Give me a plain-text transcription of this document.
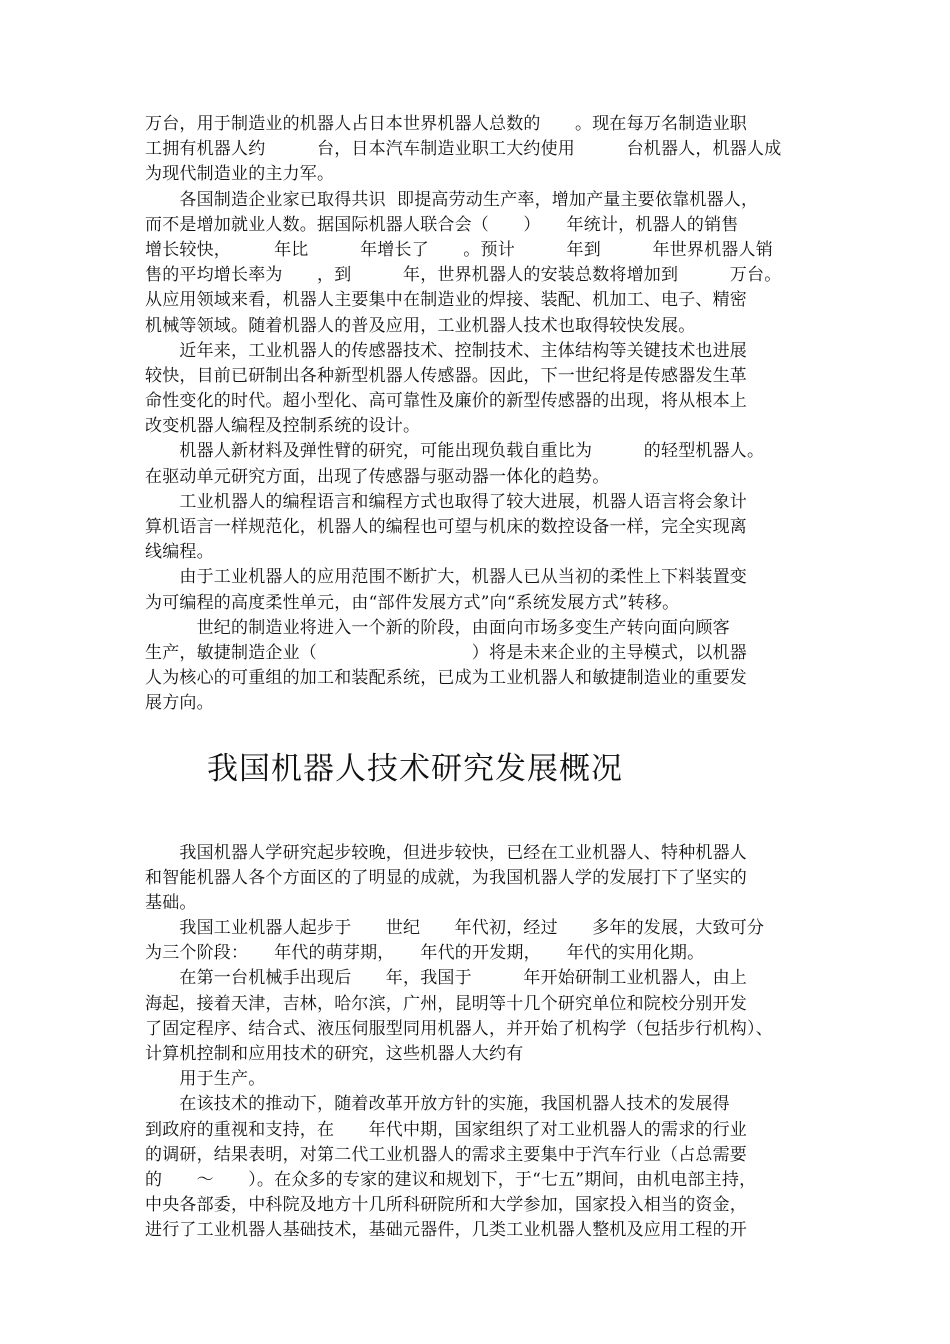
万台，用于制造业的机器人占日本世界机器人总数的　　。现在每万名制造业职
工拥有机器人约　　　台，日本汽车制造业职工大约使用　　　台机器人，机器人成
为现代制造业的主力军。
　　各国制造企业家已取得共识  即提高劳动生产率，增加产量主要依靠机器人，
而不是增加就业人数。据国际机器人联合会（　　）　　年统计，机器人的销售
增长较快，　　　年比　　　年增长了　　。预计　　　年到　　　年世界机器人销
售的平均增长率为　　，到　　　年，世界机器人的安装总数将增加到　　　万台。
从应用领域来看，机器人主要集中在制造业的焊接、装配、机加工、电子、精密
机械等领域。随着机器人的普及应用，工业机器人技术也取得较快发展。
　　近年来，工业机器人的传感器技术、控制技术、主体结构等关键技术也进展
较快，目前已研制出各种新型机器人传感器。因此，下一世纪将是传感器发生革
命性变化的时代。超小型化、高可靠性及廉价的新型传感器的出现，将从根本上
改变机器人编程及控制系统的设计。
　　机器人新材料及弹性臂的研究，可能出现负载自重比为　　　的轻型机器人。
在驱动单元研究方面，出现了传感器与驱动器一体化的趋势。
　　工业机器人的编程语言和编程方式也取得了较大进展，机器人语言将会象计
算机语言一样规范化，机器人的编程也可望与机床的数控设备一样，完全实现离
线编程。
　　由于工业机器人的应用范围不断扩大，机器人已从当初的柔性上下料装置变
为可编程的高度柔性单元，由“部件发展方式”向“系统发展方式”转移。
　　　世纪的制造业将进入一个新的阶段，由面向市场多变生产转向面向顾客
生产，敏捷制造企业（　　　　　　　　　）将是未来企业的主导模式，以机器
人为核心的可重组的加工和装配系统，已成为工业机器人和敏捷制造业的重要发
展方向。
我国机器人技术研究发展概况
　　我国机器人学研究起步较晚，但进步较快，已经在工业机器人、特种机器人
和智能机器人各个方面区的了明显的成就，为我国机器人学的发展打下了坚实的
基础。
　　我国工业机器人起步于　　世纪　　年代初，经过　　多年的发展，大致可分
为三个阶段：　　年代的萌芽期，　　年代的开发期，　　年代的实用化期。
　　在第一台机械手出现后　　年，我国于　　　年开始研制工业机器人，由上
海起，接着天津，吉林，哈尔滨，广州，昆明等十几个研究单位和院校分别开发
了固定程序、结合式、液压伺服型同用机器人，并开始了机构学（包括步行机构）、
计算机控制和应用技术的研究，这些机器人大约有
　　用于生产。
　　在该技术的推动下，随着改革开放方针的实施，我国机器人技术的发展得
到政府的重视和支持，在　　年代中期，国家组织了对工业机器人的需求的行业
的调研，结果表明，对第二代工业机器人的需求主要集中于汽车行业（占总需要
的　　～　　）。在众多的专家的建议和规划下，于“七五”期间，由机电部主持，
中央各部委，中科院及地方十几所科研院所和大学参加，国家投入相当的资金，
进行了工业机器人基础技术，基础元器件，几类工业机器人整机及应用工程的开
